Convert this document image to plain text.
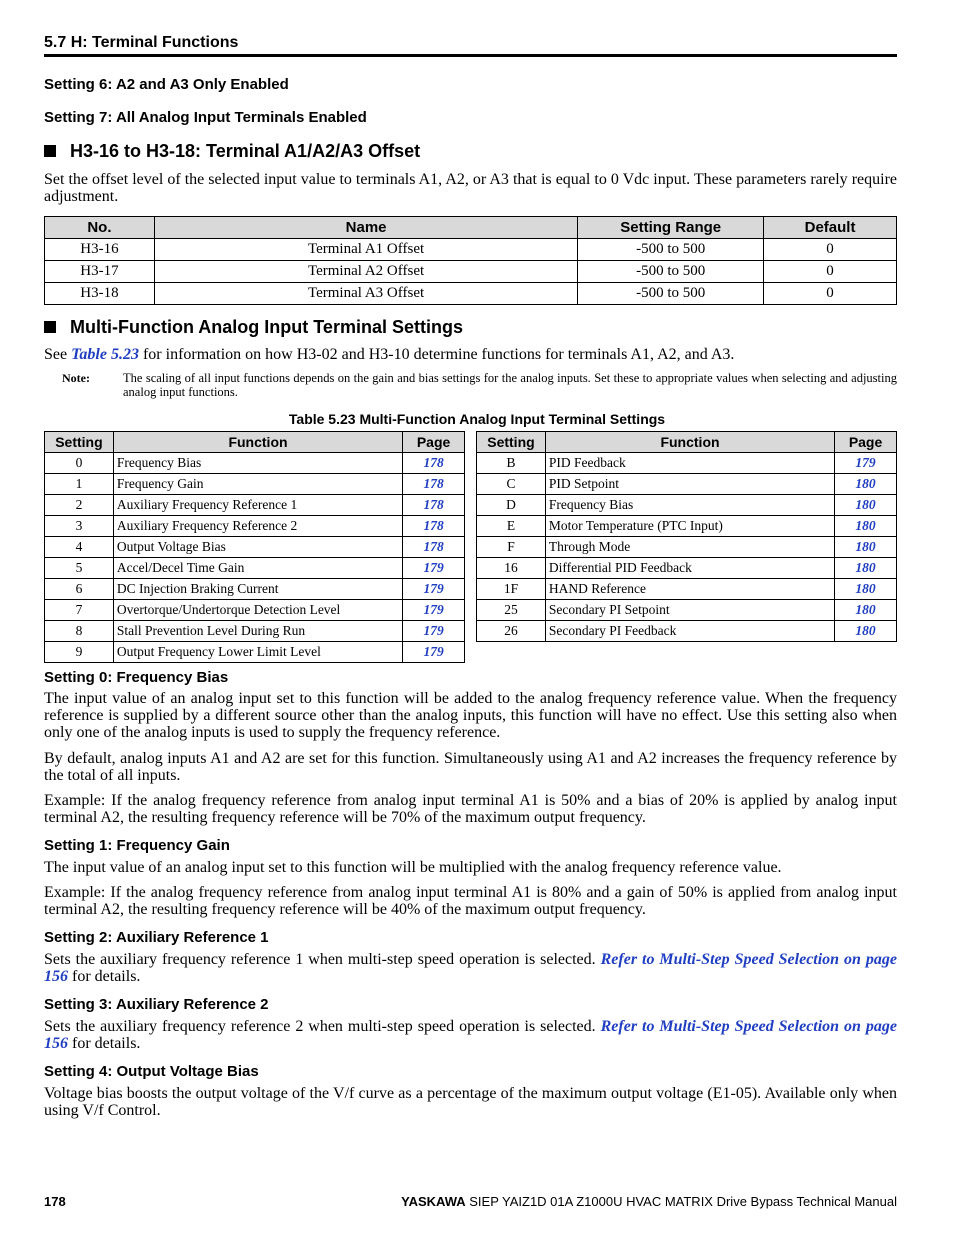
5.7 H: Terminal Functions
Setting 6: A2 and A3 Only Enabled
Setting 7: All Analog Input Terminals Enabled
H3-16 to H3-18: Terminal A1/A2/A3 Offset
Set the offset level of the selected input value to terminals A1, A2, or A3 that is equal to 0 Vdc input. These parameters rarely require adjustment.
No.	Name	Setting Range	Default
H3-16	Terminal A1 Offset	-500 to 500	0
H3-17	Terminal A2 Offset	-500 to 500	0
H3-18	Terminal A3 Offset	-500 to 500	0
Multi-Function Analog Input Terminal Settings
See Table 5.23 for information on how H3-02 and H3-10 determine functions for terminals A1, A2, and A3.
Note:	The scaling of all input functions depends on the gain and bias settings for the analog inputs. Set these to appropriate values when selecting and adjusting analog input functions.
Table 5.23 Multi-Function Analog Input Terminal Settings
Setting	Function	Page
0	Frequency Bias	178
1	Frequency Gain	178
2	Auxiliary Frequency Reference 1	178
3	Auxiliary Frequency Reference 2	178
4	Output Voltage Bias	178
5	Accel/Decel Time Gain	179
6	DC Injection Braking Current	179
7	Overtorque/Undertorque Detection Level	179
8	Stall Prevention Level During Run	179
9	Output Frequency Lower Limit Level	179
Setting	Function	Page
B	PID Feedback	179
C	PID Setpoint	180
D	Frequency Bias	180
E	Motor Temperature (PTC Input)	180
F	Through Mode	180
16	Differential PID Feedback	180
1F	HAND Reference	180
25	Secondary PI Setpoint	180
26	Secondary PI Feedback	180
Setting 0: Frequency Bias
The input value of an analog input set to this function will be added to the analog frequency reference value. When the frequency reference is supplied by a different source other than the analog inputs, this function will have no effect. Use this setting also when only one of the analog inputs is used to supply the frequency reference.
By default, analog inputs A1 and A2 are set for this function. Simultaneously using A1 and A2 increases the frequency reference by the total of all inputs.
Example: If the analog frequency reference from analog input terminal A1 is 50% and a bias of 20% is applied by analog input terminal A2, the resulting frequency reference will be 70% of the maximum output frequency.
Setting 1: Frequency Gain
The input value of an analog input set to this function will be multiplied with the analog frequency reference value.
Example: If the analog frequency reference from analog input terminal A1 is 80% and a gain of 50% is applied from analog input terminal A2, the resulting frequency reference will be 40% of the maximum output frequency.
Setting 2: Auxiliary Reference 1
Sets the auxiliary frequency reference 1 when multi-step speed operation is selected. Refer to Multi-Step Speed Selection on page 156 for details.
Setting 3: Auxiliary Reference 2
Sets the auxiliary frequency reference 2 when multi-step speed operation is selected. Refer to Multi-Step Speed Selection on page 156 for details.
Setting 4: Output Voltage Bias
Voltage bias boosts the output voltage of the V/f curve as a percentage of the maximum output voltage (E1-05). Available only when using V/f Control.
178	YASKAWA SIEP YAIZ1D 01A Z1000U HVAC MATRIX Drive Bypass Technical Manual
